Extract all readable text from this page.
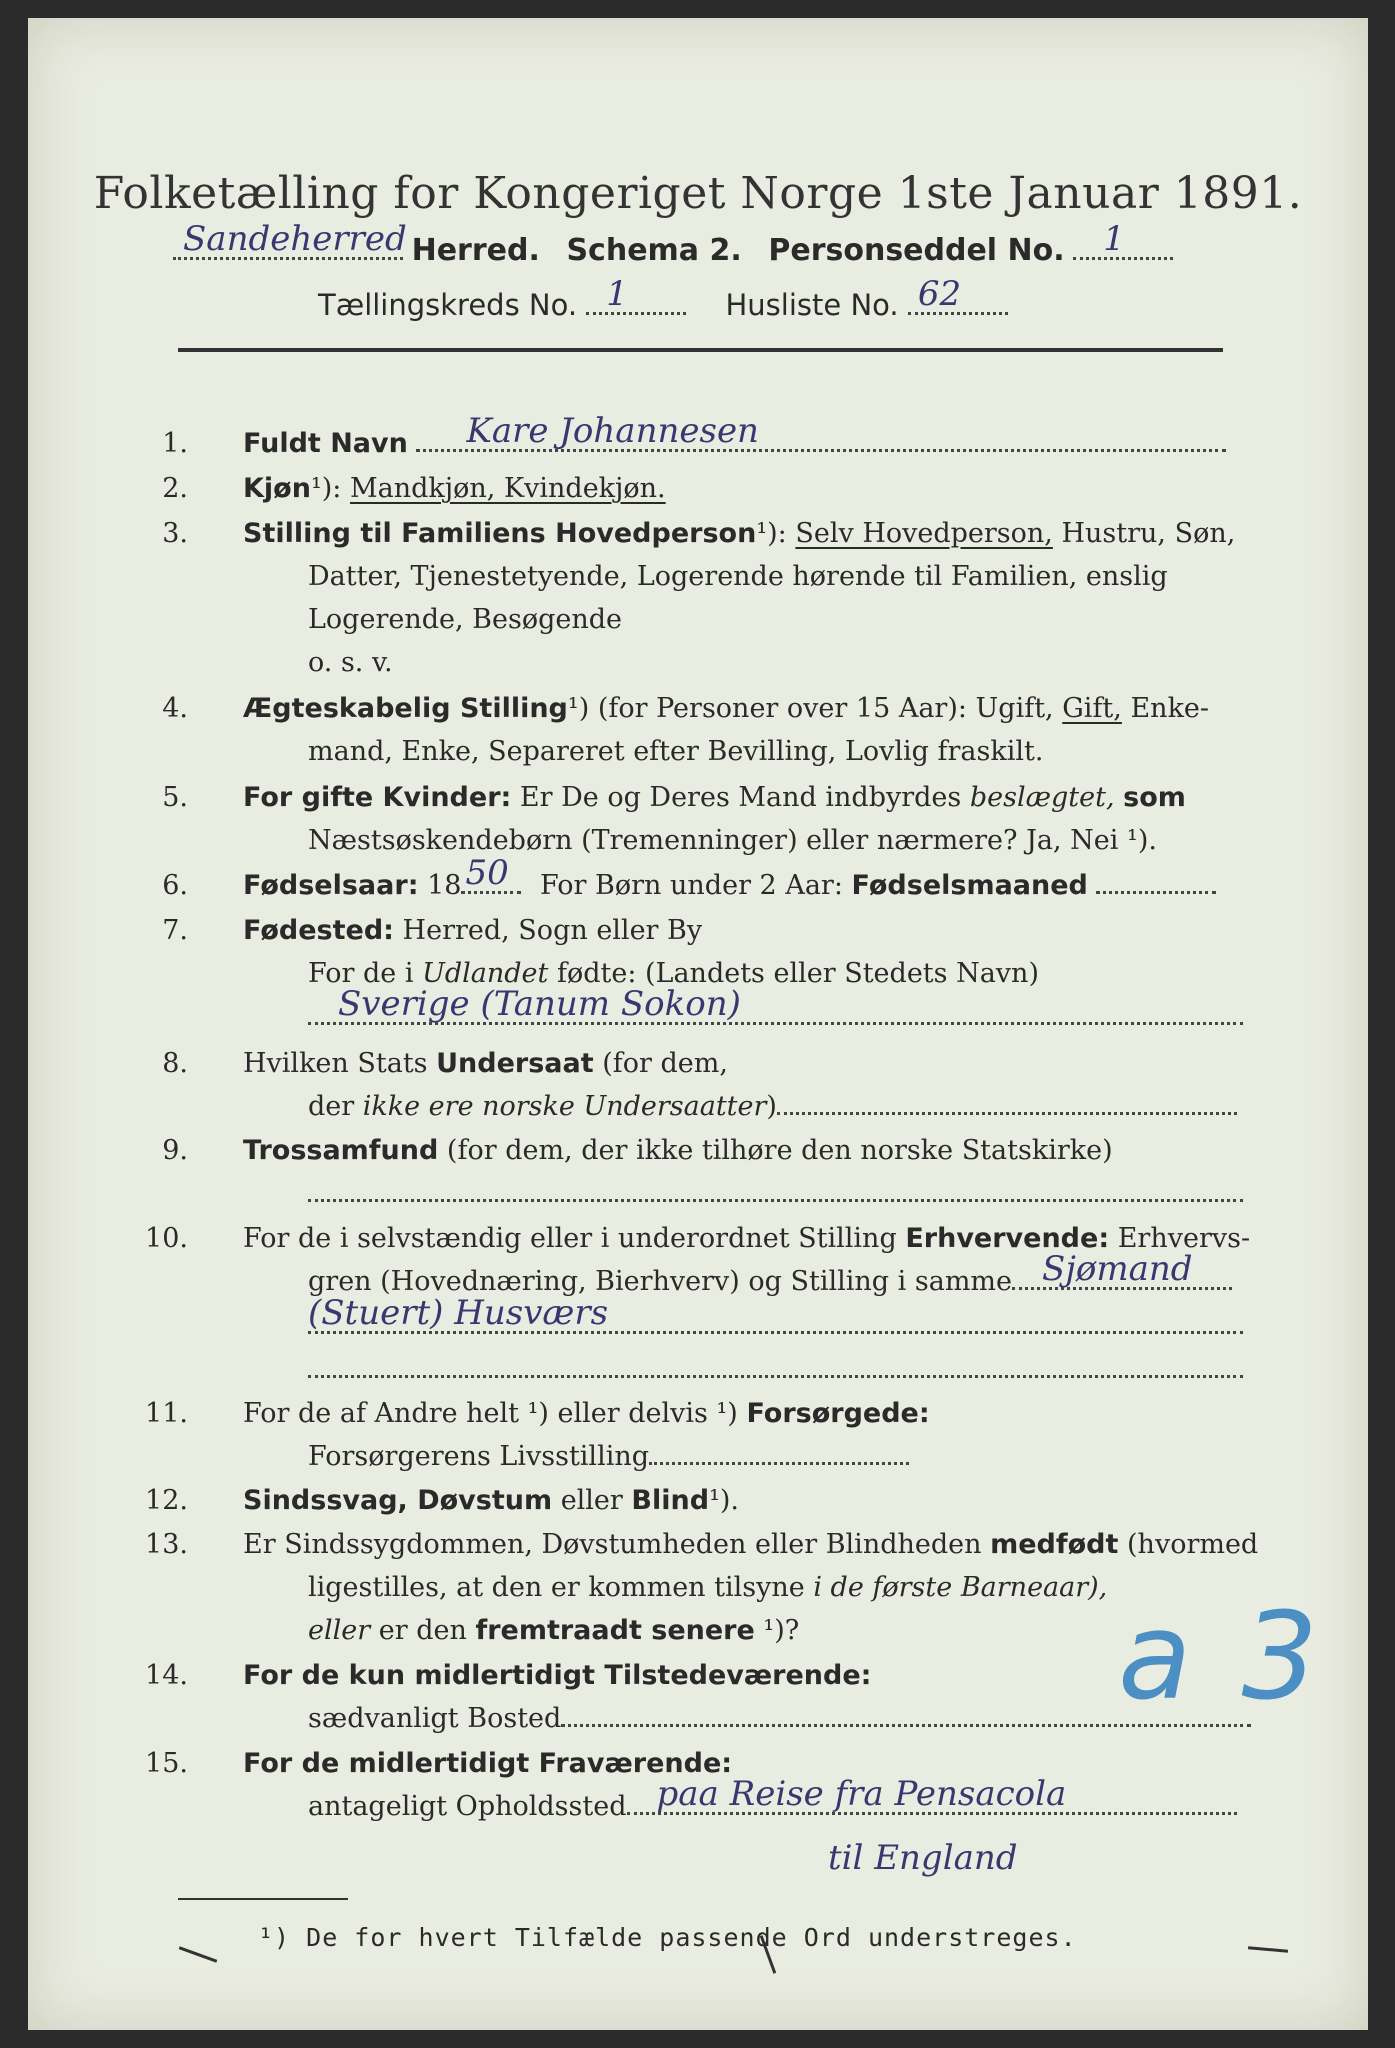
Folketælling for Kongeriget Norge 1ste Januar 1891.
Sandeherred Herred. Schema 2. Personseddel No. 1
Tællingskreds No. 1	Husliste No. 62
1. Fuldt Navn Kare Johannesen
2. Kjøn¹): Mandkjøn, Kvindekjøn.
3. Stilling til Familiens Hovedperson¹): Selv Hovedperson, Hustru, Søn,
Datter, Tjenestetyende, Logerende hørende til Familien, enslig
Logerende, Besøgende
o. s. v.
4. Ægteskabelig Stilling¹) (for Personer over 15 Aar): Ugift, Gift, Enke-
mand, Enke, Separeret efter Bevilling, Lovlig fraskilt.
5. For gifte Kvinder: Er De og Deres Mand indbyrdes beslægtet, som
Næstsøskendebørn (Tremenninger) eller nærmere? Ja, Nei ¹).
6. Fødselsaar: 18 50 For Børn under 2 Aar: Fødselsmaaned
7. Fødested: Herred, Sogn eller By
For de i Udlandet fødte: (Landets eller Stedets Navn)
Sverige (Tanum Sokon)
8. Hvilken Stats Undersaat (for dem,
der ikke ere norske Undersaatter)
9. Trossamfund (for dem, der ikke tilhøre den norske Statskirke)
10. For de i selvstændig eller i underordnet Stilling Erhvervende: Erhvervs-
gren (Hovednæring, Bierhverv) og Stilling i samme Sjømand
(Stuert) Husværs
11. For de af Andre helt ¹) eller delvis ¹) Forsørgede:
Forsørgerens Livsstilling
12. Sindssvag, Døvstum eller Blind¹).
13. Er Sindssygdommen, Døvstumheden eller Blindheden medfødt (hvormed
ligestilles, at den er kommen tilsyne i de første Barneaar),
eller er den fremtraadt senere ¹)?
14. For de kun midlertidigt Tilstedeværende:
sædvanligt Bosted
15. For de midlertidigt Fraværende:
antageligt Opholdssted paa Reise fra Pensacola
til England
¹) De for hvert Tilfælde passende Ord understreges.
a 3
